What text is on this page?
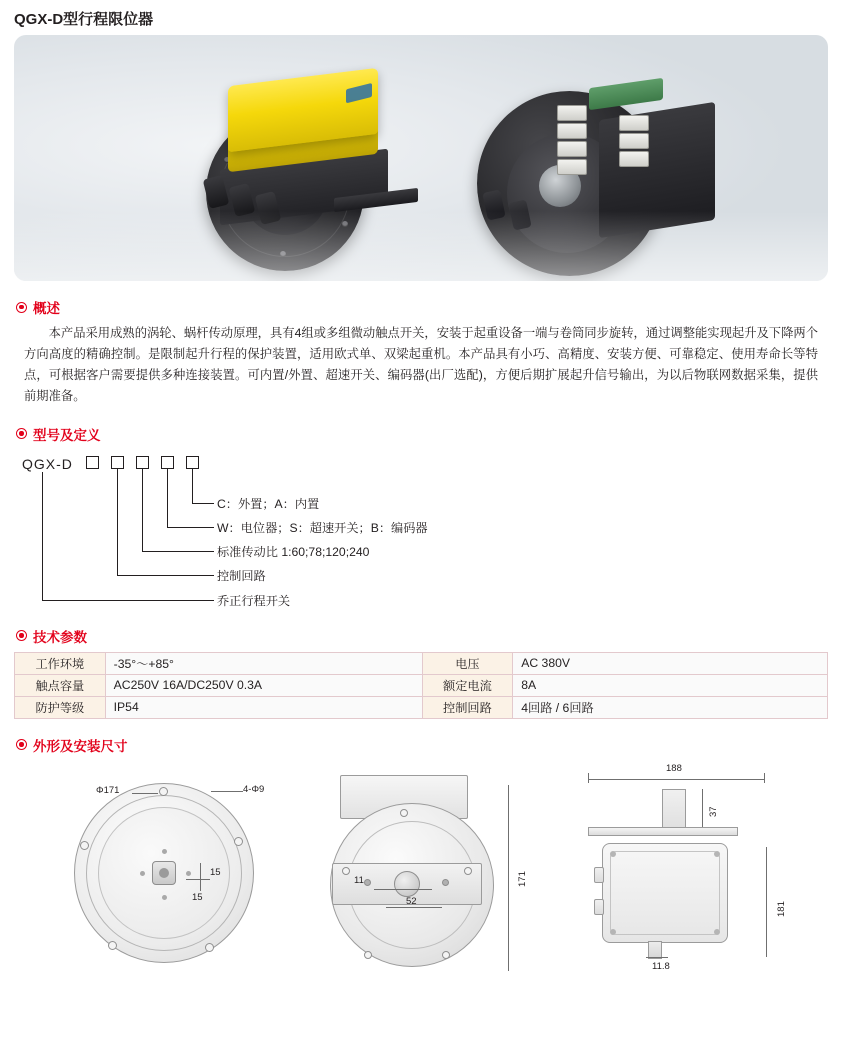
QGX-D型行程限位器
概述
本产品采用成熟的涡轮、蜗杆传动原理，具有4组或多组微动触点开关，安装于起重设备一端与卷筒同步旋转，通过调整能实现起升及下降两个方向高度的精确控制。是限制起升行程的保护装置，适用欧式单、双梁起重机。本产品具有小巧、高精度、安装方便、可靠稳定、使用寿命长等特点，可根据客户需要提供多种连接装置。可内置/外置、超速开关、编码器(出厂选配)，方便后期扩展起升信号输出，为以后物联网数据采集，提供前期准备。
型号及定义
QGX-D
C：外置；A：内置
W：电位器；S：超速开关；B：编码器
标准传动比 1:60;78;120;240
控制回路
乔正行程开关
技术参数
工作环境	-35°～+85°	电压	AC 380V
触点容量	AC250V 16A/DC250V 0.3A	额定电流	8A
防护等级	IP54	控制回路	4回路 / 6回路
外形及安装尺寸
Φ171	4-Φ9
15
15
171
11
52
188
181
37
11.8
